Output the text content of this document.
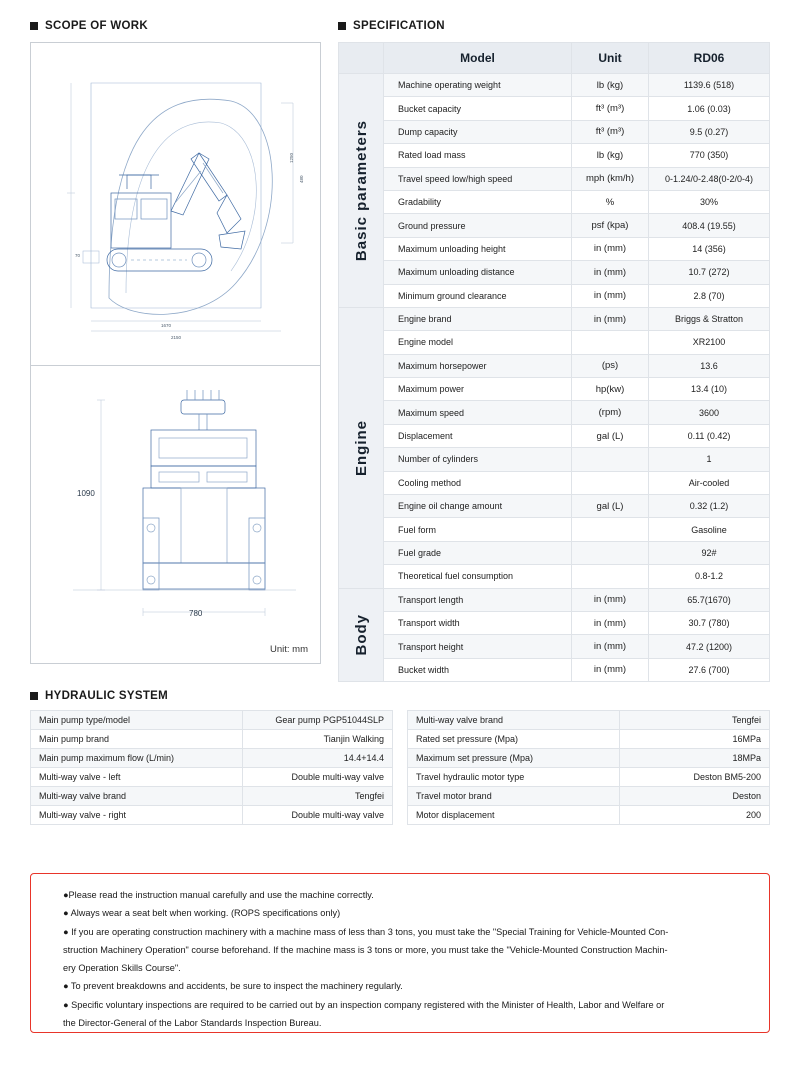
SCOPE OF WORK
1250
480
1670
2150
70
1090
780
Unit: mm
SPECIFICATION
	Model	Unit	RD06

Basic parameters	Machine operating weight	lb (kg)	1139.6 (518)
	Bucket capacity	ft³ (m³)	1.06 (0.03)
	Dump capacity	ft³ (m³)	9.5 (0.27)
	Rated load mass	lb (kg)	770 (350)
	Travel speed low/high speed	mph (km/h)	0-1.24/0-2.48(0-2/0-4)
	Gradability	%	30%
	Ground pressure	psf (kpa)	408.4 (19.55)
	Maximum unloading height	in (mm)	14 (356)
	Maximum unloading distance	in (mm)	10.7 (272)
	Minimum ground clearance	in (mm)	2.8 (70)

Engine	Engine brand	in (mm)	Briggs & Stratton
	Engine model		XR2100
	Maximum horsepower	(ps)	13.6
	Maximum power	hp(kw)	13.4 (10)
	Maximum speed	(rpm)	3600
	Displacement	gal (L)	0.11 (0.42)
	Number of cylinders		1
	Cooling method		Air-cooled
	Engine oil change amount	gal (L)	0.32 (1.2)
	Fuel form		Gasoline
	Fuel grade		92#
	Theoretical fuel consumption		0.8-1.2

Body	Transport length	in (mm)	65.7(1670)
	Transport width	in (mm)	30.7 (780)
	Transport height	in (mm)	47.2 (1200)
	Bucket width	in (mm)	27.6 (700)
HYDRAULIC SYSTEM
Main pump type/model	Gear pump PGP51044SLP
Main pump brand	Tianjin Walking
Main pump maximum flow (L/min)	14.4+14.4
Multi-way valve - left	Double multi-way valve
Multi-way valve brand	Tengfei
Multi-way valve - right	Double multi-way valve
Multi-way valve brand	Tengfei
Rated set pressure (Mpa)	16MPa
Maximum set pressure (Mpa)	18MPa
Travel hydraulic motor type	Deston BM5-200
Travel motor brand	Deston
Motor displacement	200

●Please read the instruction manual carefully and use the machine correctly.

● Always wear a seat belt when working. (ROPS specifications only)

● If you are operating construction machinery with a machine mass of less than 3 tons, you must take the "Special Training for Vehicle-Mounted Con-

struction Machinery Operation" course beforehand. If the machine mass is 3 tons or more, you must take the "Vehicle-Mounted Construction Machin-

ery Operation Skills Course".

● To prevent breakdowns and accidents, be sure to inspect the machinery regularly.

● Specific voluntary inspections are required to be carried out by an inspection company registered with the Minister of Health, Labor and Welfare or

the Director-General of the Labor Standards Inspection Bureau.
